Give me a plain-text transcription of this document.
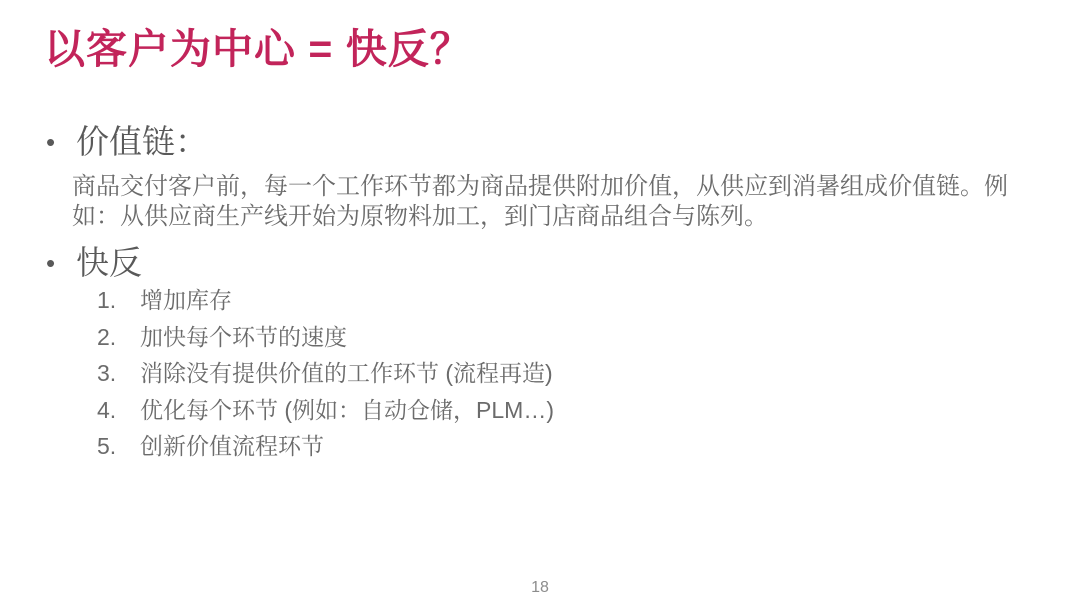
以客户为中心 = 快反？
• 价值链：
商品交付客户前，每一个工作环节都为商品提供附加价值，从供应到消暑组成价值链。例
如：从供应商生产线开始为原物料加工，到门店商品组合与陈列。
• 快反
1.	增加库存
2.	加快每个环节的速度
3.	消除没有提供价值的工作环节 (流程再造)
4.	优化每个环节 (例如：自动仓储，PLM…)
5.	创新价值流程环节
18
